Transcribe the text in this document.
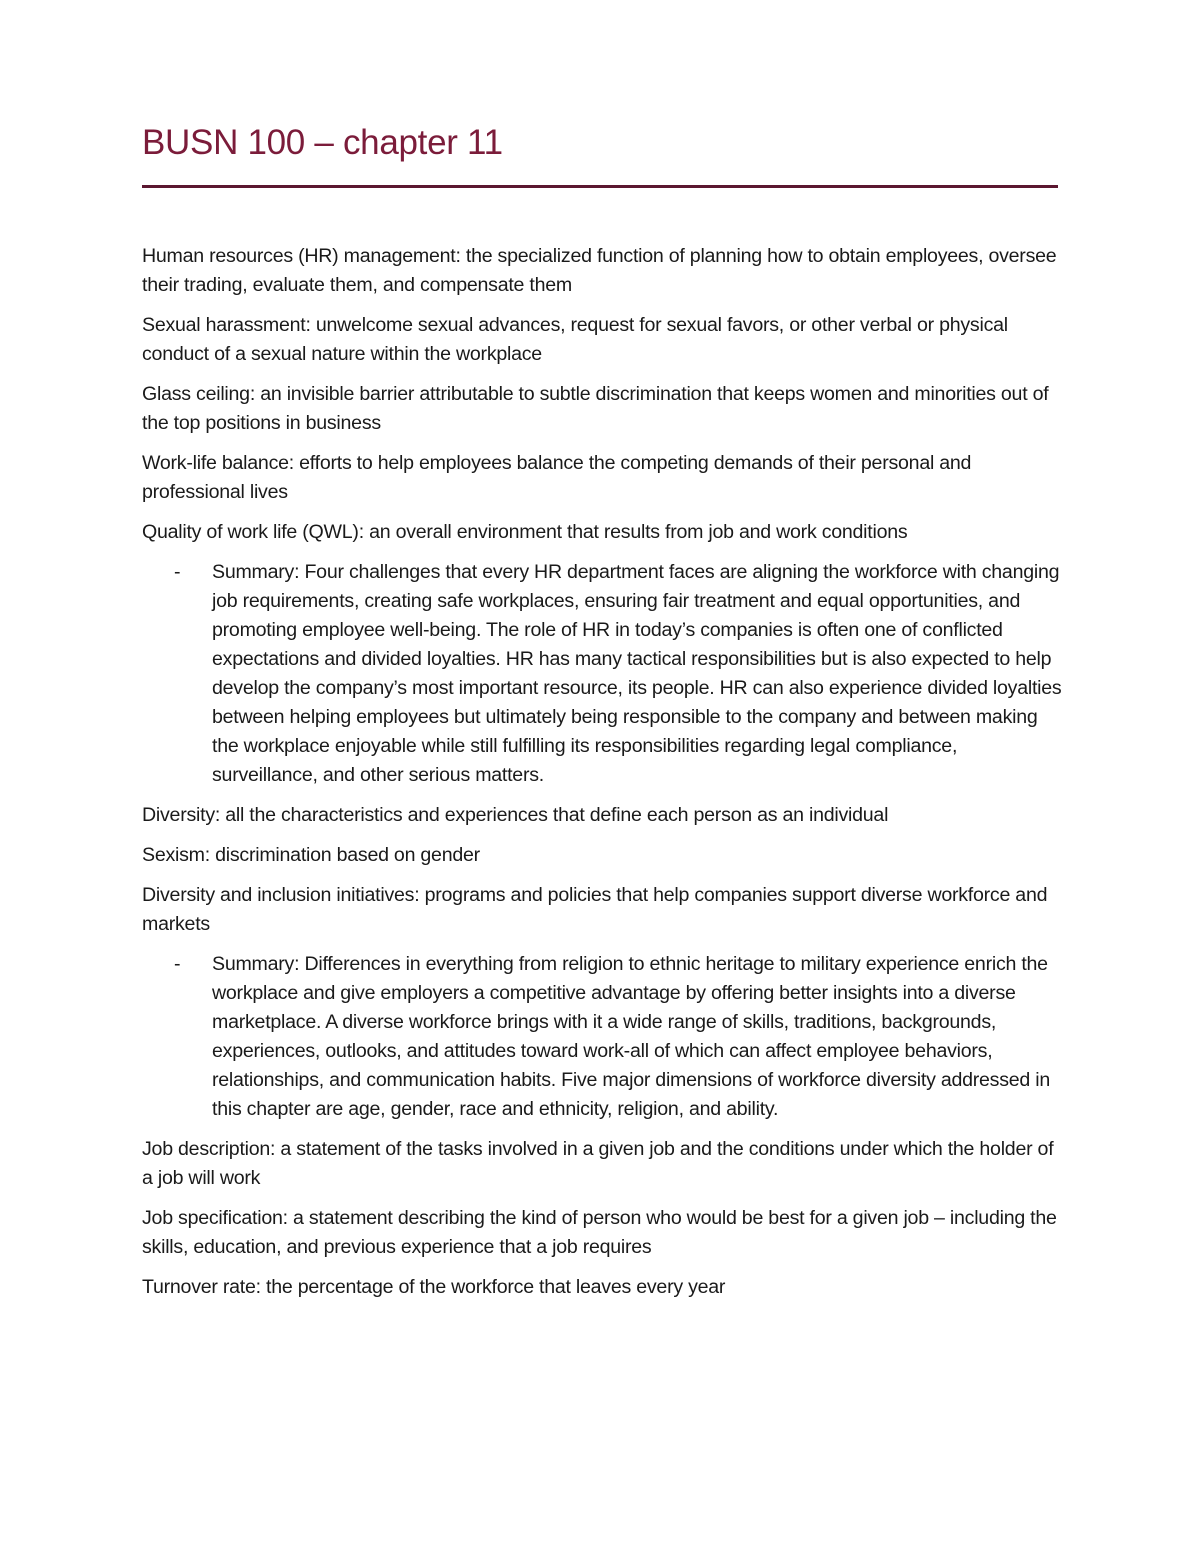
BUSN 100 – chapter 11

Human resources (HR) management: the specialized function of planning how to obtain employees, oversee their trading, evaluate them, and compensate them

Sexual harassment: unwelcome sexual advances, request for sexual favors, or other verbal or physical conduct of a sexual nature within the workplace

Glass ceiling: an invisible barrier attributable to subtle discrimination that keeps women and minorities out of the top positions in business

Work-life balance: efforts to help employees balance the competing demands of their personal and professional lives

Quality of work life (QWL): an overall environment that results from job and work conditions

- Summary: Four challenges that every HR department faces are aligning the workforce with changing job requirements, creating safe workplaces, ensuring fair treatment and equal opportunities, and promoting employee well-being. The role of HR in today’s companies is often one of conflicted expectations and divided loyalties. HR has many tactical responsibilities but is also expected to help develop the company’s most important resource, its people. HR can also experience divided loyalties between helping employees but ultimately being responsible to the company and between making the workplace enjoyable while still fulfilling its responsibilities regarding legal compliance, surveillance, and other serious matters.

Diversity: all the characteristics and experiences that define each person as an individual

Sexism: discrimination based on gender

Diversity and inclusion initiatives: programs and policies that help companies support diverse workforce and markets

- Summary: Differences in everything from religion to ethnic heritage to military experience enrich the workplace and give employers a competitive advantage by offering better insights into a diverse marketplace. A diverse workforce brings with it a wide range of skills, traditions, backgrounds, experiences, outlooks, and attitudes toward work-all of which can affect employee behaviors, relationships, and communication habits. Five major dimensions of workforce diversity addressed in this chapter are age, gender, race and ethnicity, religion, and ability.

Job description: a statement of the tasks involved in a given job and the conditions under which the holder of a job will work

Job specification: a statement describing the kind of person who would be best for a given job – including the skills, education, and previous experience that a job requires

Turnover rate: the percentage of the workforce that leaves every year
